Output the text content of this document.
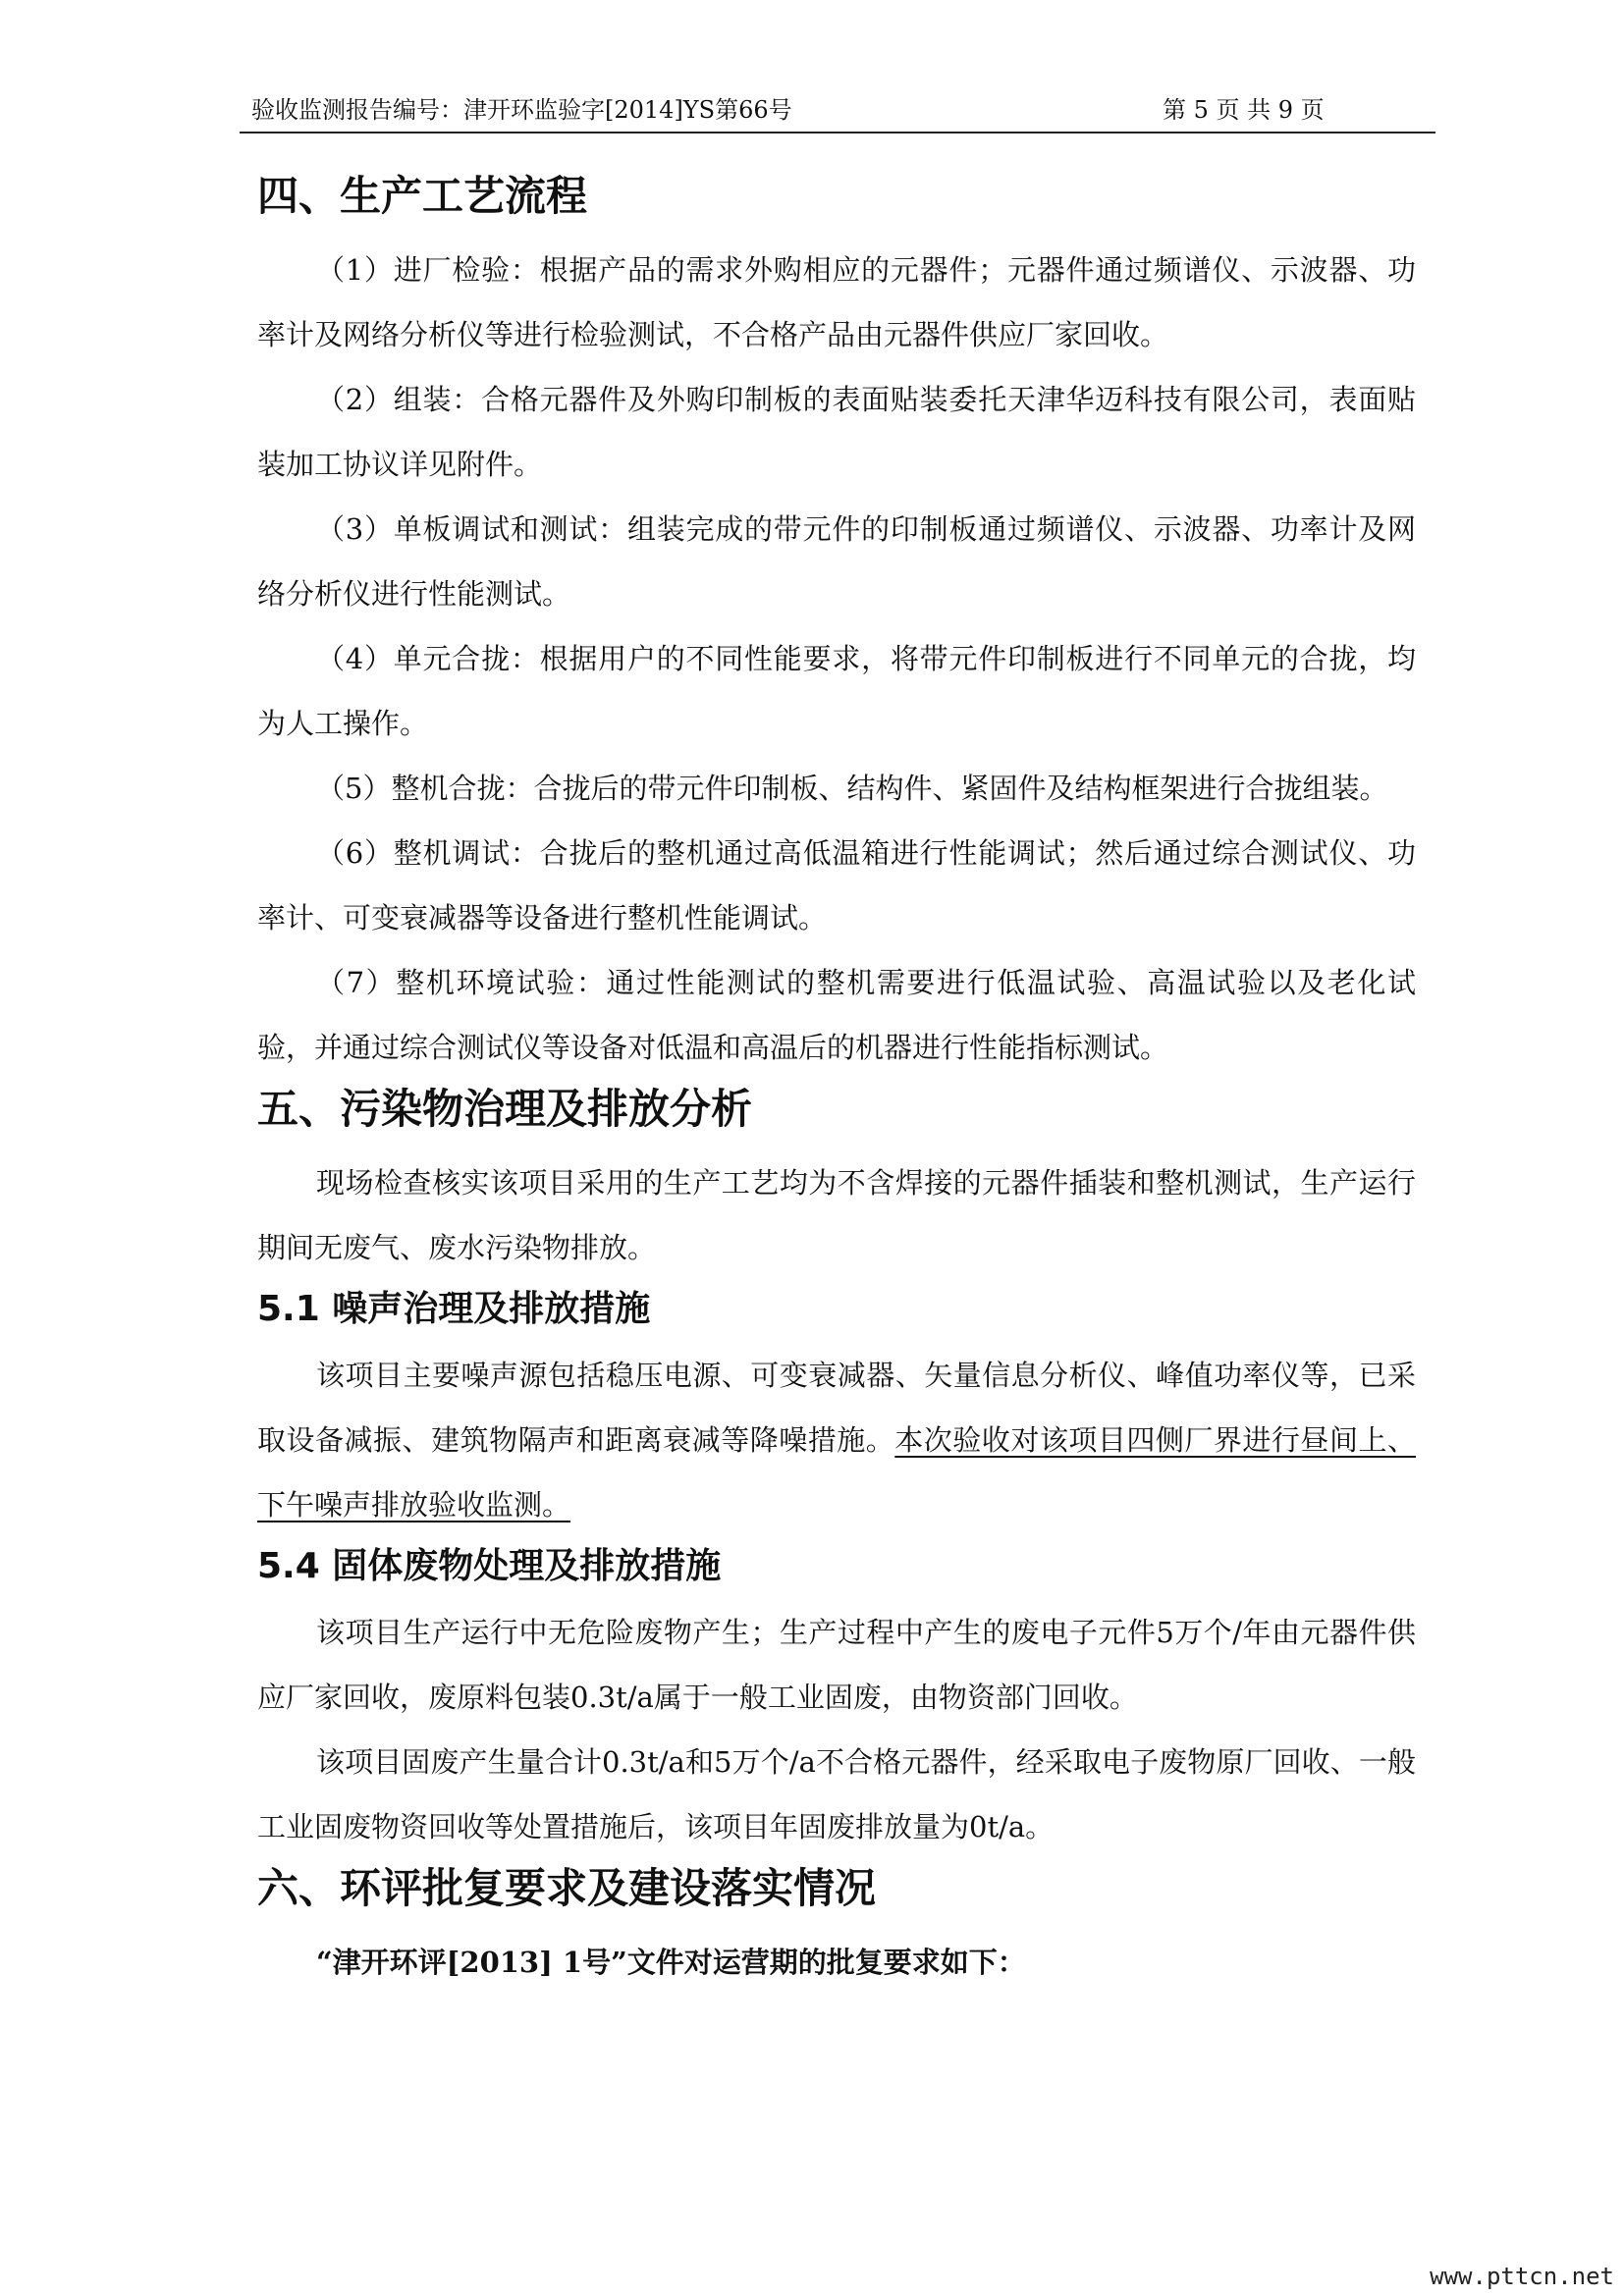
验收监测报告编号：津开环监验字[2014]YS第66号	第 5 页 共 9 页
四、生产工艺流程

（1）进厂检验：根据产品的需求外购相应的元器件；元器件通过频谱仪、示波器、功率计及网络分析仪等进行检验测试，不合格产品由元器件供应厂家回收。

（2）组装：合格元器件及外购印制板的表面贴装委托天津华迈科技有限公司，表面贴装加工协议详见附件。

（3）单板调试和测试：组装完成的带元件的印制板通过频谱仪、示波器、功率计及网络分析仪进行性能测试。

（4）单元合拢：根据用户的不同性能要求，将带元件印制板进行不同单元的合拢，均为人工操作。

（5）整机合拢：合拢后的带元件印制板、结构件、紧固件及结构框架进行合拢组装。

（6）整机调试：合拢后的整机通过高低温箱进行性能调试；然后通过综合测试仪、功率计、可变衰减器等设备进行整机性能调试。

（7）整机环境试验：通过性能测试的整机需要进行低温试验、高温试验以及老化试验，并通过综合测试仪等设备对低温和高温后的机器进行性能指标测试。

五、污染物治理及排放分析

现场检查核实该项目采用的生产工艺均为不含焊接的元器件插装和整机测试，生产运行期间无废气、废水污染物排放。

5.1 噪声治理及排放措施

该项目主要噪声源包括稳压电源、可变衰减器、矢量信息分析仪、峰值功率仪等，已采取设备减振、建筑物隔声和距离衰减等降噪措施。本次验收对该项目四侧厂界进行昼间上、下午噪声排放验收监测。

5.4 固体废物处理及排放措施

该项目生产运行中无危险废物产生；生产过程中产生的废电子元件5万个/年由元器件供应厂家回收，废原料包装0.3t/a属于一般工业固废，由物资部门回收。

该项目固废产生量合计0.3t/a和5万个/a不合格元器件，经采取电子废物原厂回收、一般工业固废物资回收等处置措施后，该项目年固废排放量为0t/a。

六、环评批复要求及建设落实情况

“津开环评[2013] 1号”文件对运营期的批复要求如下：

www.pttcn.net
